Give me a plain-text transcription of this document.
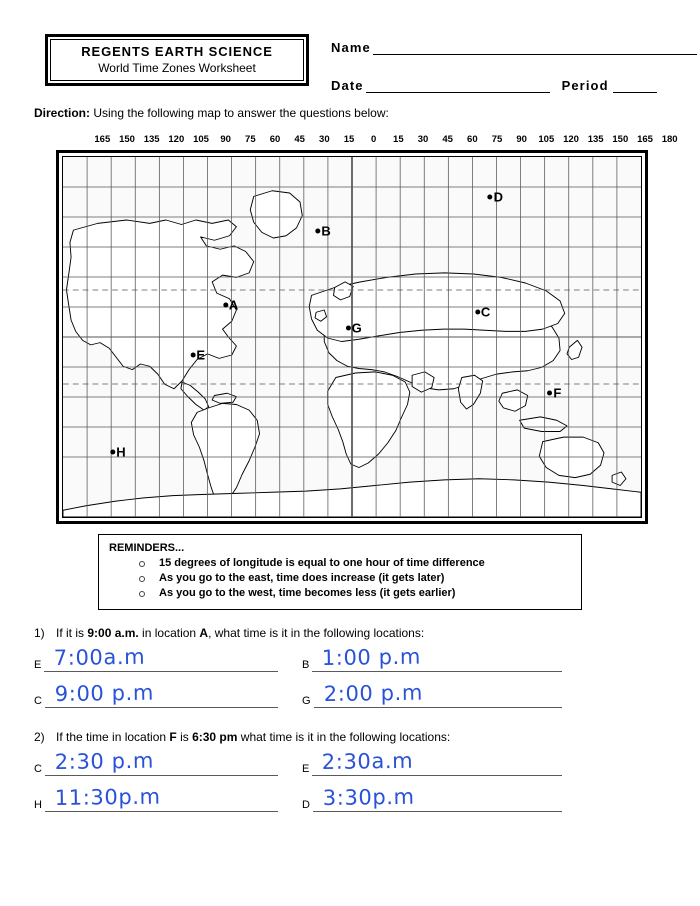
REGENTS EARTH SCIENCE
World Time Zones Worksheet
Name
Date	Period
Direction: Using the following map to answer the questions below:
165 150 135 120 105 90 75 60 45 30 15 0 15 30 45 60 75 90 105 120 135 150 165 180
A
B
C
D
E
F
G
H
REMINDERS...
15 degrees of longitude is equal to one hour of time difference
As you go to the east, time does increase (it gets later)
As you go to the west, time becomes less (it gets earlier)
1) If it is 9:00 a.m. in location A, what time is it in the following locations:
E 7:00a.m	B 1:00 p.m
C 9:00 p.m	G 2:00 p.m
2) If the time in location F is 6:30 pm what time is it in the following locations:
C 2:30 p.m	E 2:30a.m
H 11:30p.m	D 3:30p.m
